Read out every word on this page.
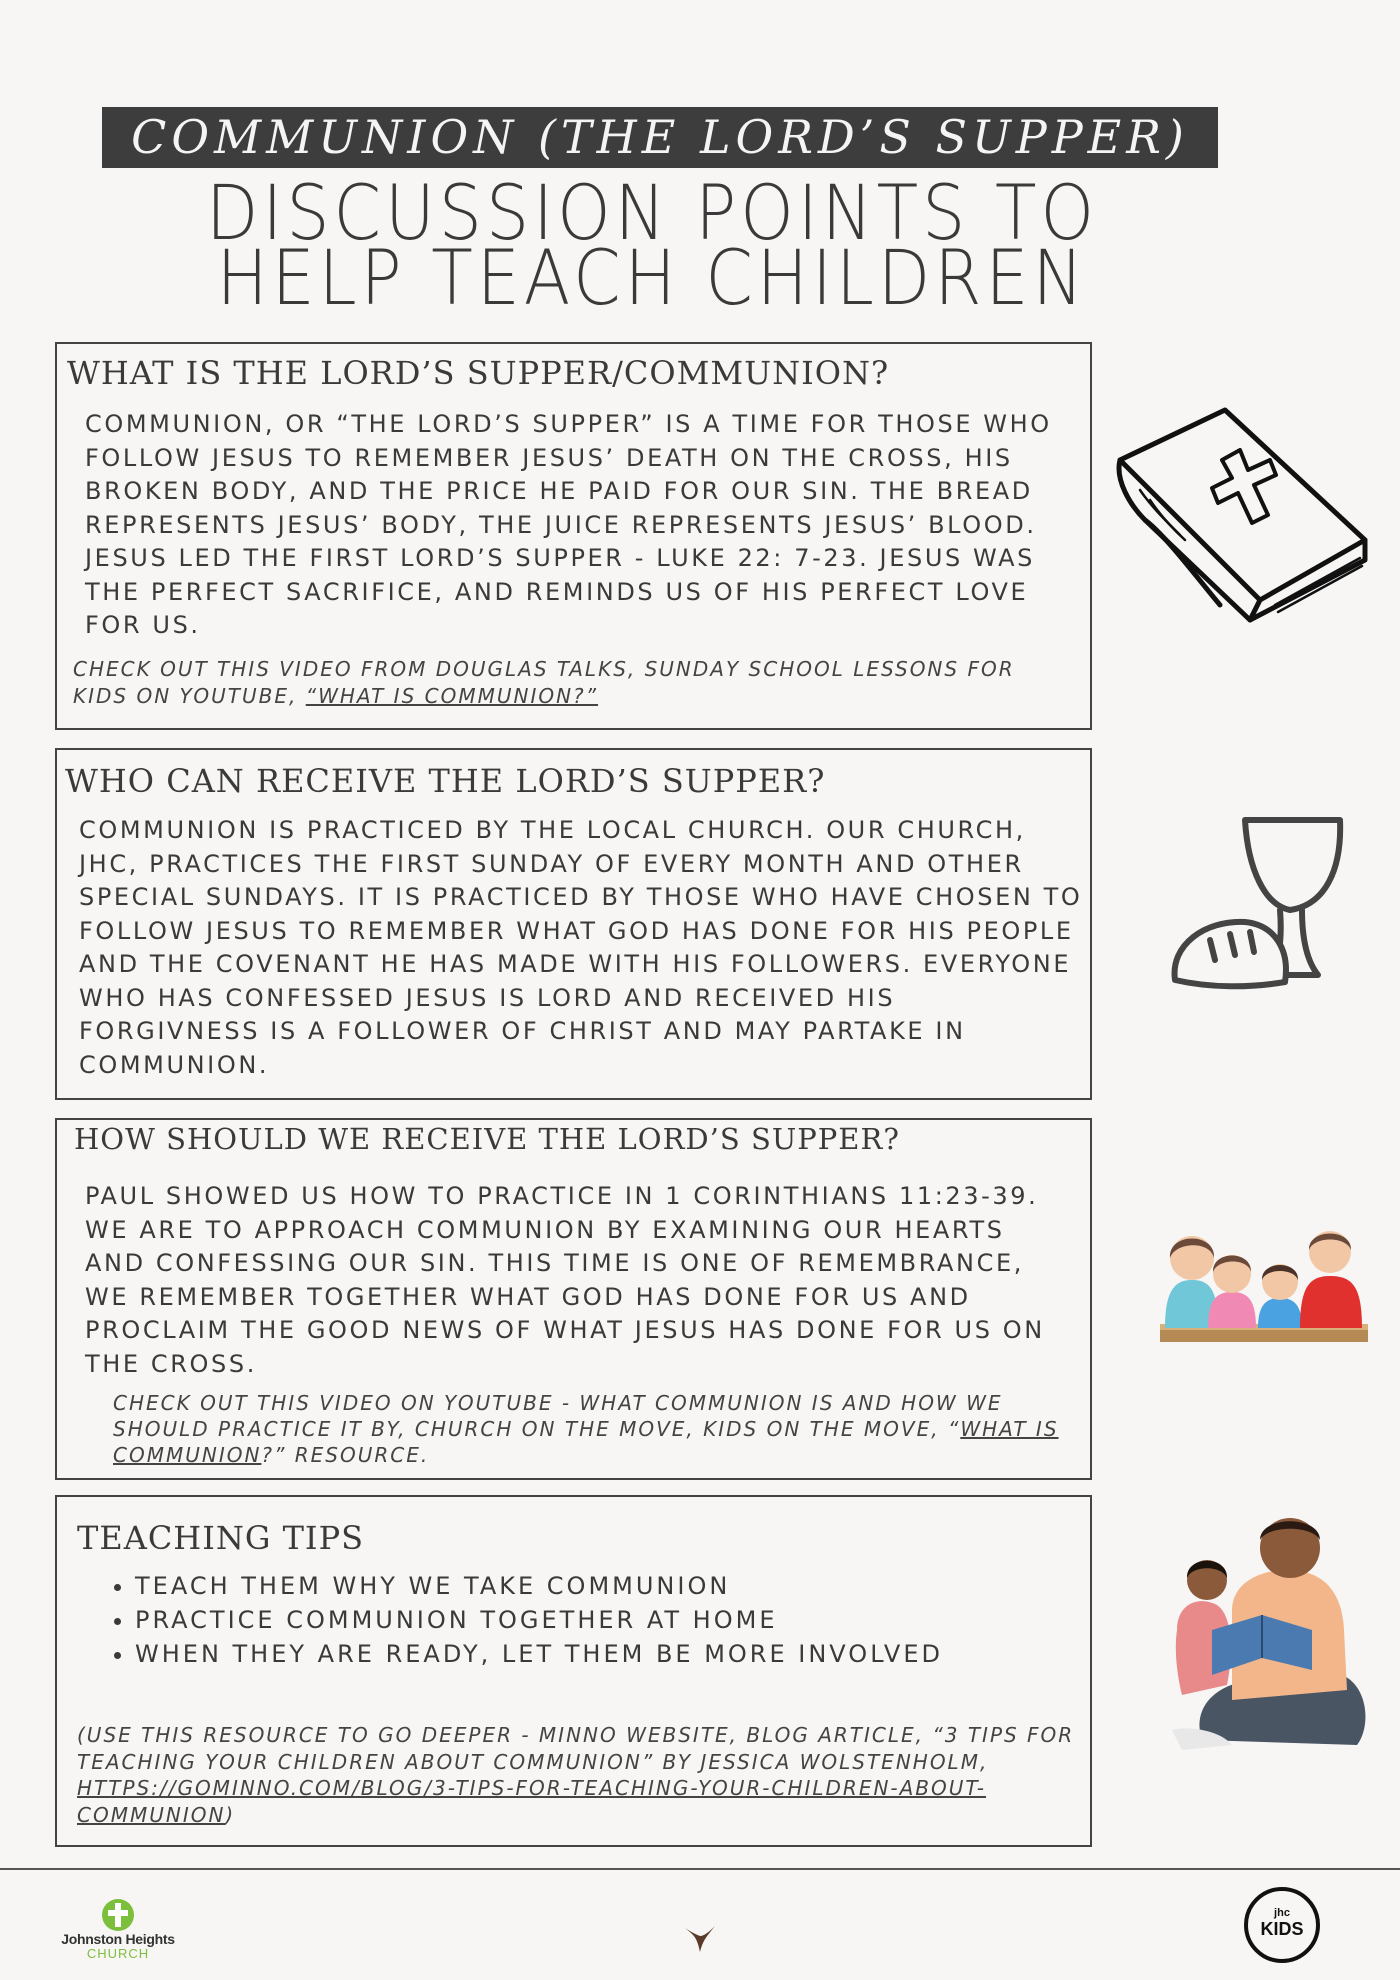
COMMUNION (THE LORD’S SUPPER)
DISCUSSION POINTS TO
HELP TEACH CHILDREN
WHAT IS THE LORD’S SUPPER/COMMUNION?

COMMUNION, OR “THE LORD’S SUPPER” IS A TIME FOR THOSE WHO FOLLOW JESUS TO REMEMBER JESUS’ DEATH ON THE CROSS, HIS BROKEN BODY, AND THE PRICE HE PAID FOR OUR SIN. THE BREAD REPRESENTS JESUS’ BODY, THE JUICE REPRESENTS JESUS’ BLOOD. JESUS LED THE FIRST LORD’S SUPPER - LUKE 22: 7-23. JESUS WAS THE PERFECT SACRIFICE, AND REMINDS US OF HIS PERFECT LOVE FOR US.

CHECK OUT THIS VIDEO FROM DOUGLAS TALKS, SUNDAY SCHOOL LESSONS FOR KIDS ON YOUTUBE, “WHAT IS COMMUNION?”

WHO CAN RECEIVE THE LORD’S SUPPER?

COMMUNION IS PRACTICED BY THE LOCAL CHURCH. OUR CHURCH, JHC, PRACTICES THE FIRST SUNDAY OF EVERY MONTH AND OTHER SPECIAL SUNDAYS. IT IS PRACTICED BY THOSE WHO HAVE CHOSEN TO FOLLOW JESUS TO REMEMBER WHAT GOD HAS DONE FOR HIS PEOPLE AND THE COVENANT HE HAS MADE WITH HIS FOLLOWERS. EVERYONE WHO HAS CONFESSED JESUS IS LORD AND RECEIVED HIS FORGIVNESS IS A FOLLOWER OF CHRIST AND MAY PARTAKE IN COMMUNION.

HOW SHOULD WE RECEIVE THE LORD’S SUPPER?

PAUL SHOWED US HOW TO PRACTICE IN 1 CORINTHIANS 11:23-39. WE ARE TO APPROACH COMMUNION BY EXAMINING OUR HEARTS AND CONFESSING OUR SIN. THIS TIME IS ONE OF REMEMBRANCE, WE REMEMBER TOGETHER WHAT GOD HAS DONE FOR US AND PROCLAIM THE GOOD NEWS OF WHAT JESUS HAS DONE FOR US ON THE CROSS.

CHECK OUT THIS VIDEO ON YOUTUBE - WHAT COMMUNION IS AND HOW WE SHOULD PRACTICE IT BY, CHURCH ON THE MOVE, KIDS ON THE MOVE, “WHAT IS COMMUNION?” RESOURCE.

TEACHING TIPS
• TEACH THEM WHY WE TAKE COMMUNION
• PRACTICE COMMUNION TOGETHER AT HOME
• WHEN THEY ARE READY, LET THEM BE MORE INVOLVED

(USE THIS RESOURCE TO GO DEEPER - MINNO WEBSITE, BLOG ARTICLE, “3 TIPS FOR TEACHING YOUR CHILDREN ABOUT COMMUNION” BY JESSICA WOLSTENHOLM, HTTPS://GOMINNO.COM/BLOG/3-TIPS-FOR-TEACHING-YOUR-CHILDREN-ABOUT-COMMUNION)

Johnston Heights
CHURCH
jhc
KIDS
